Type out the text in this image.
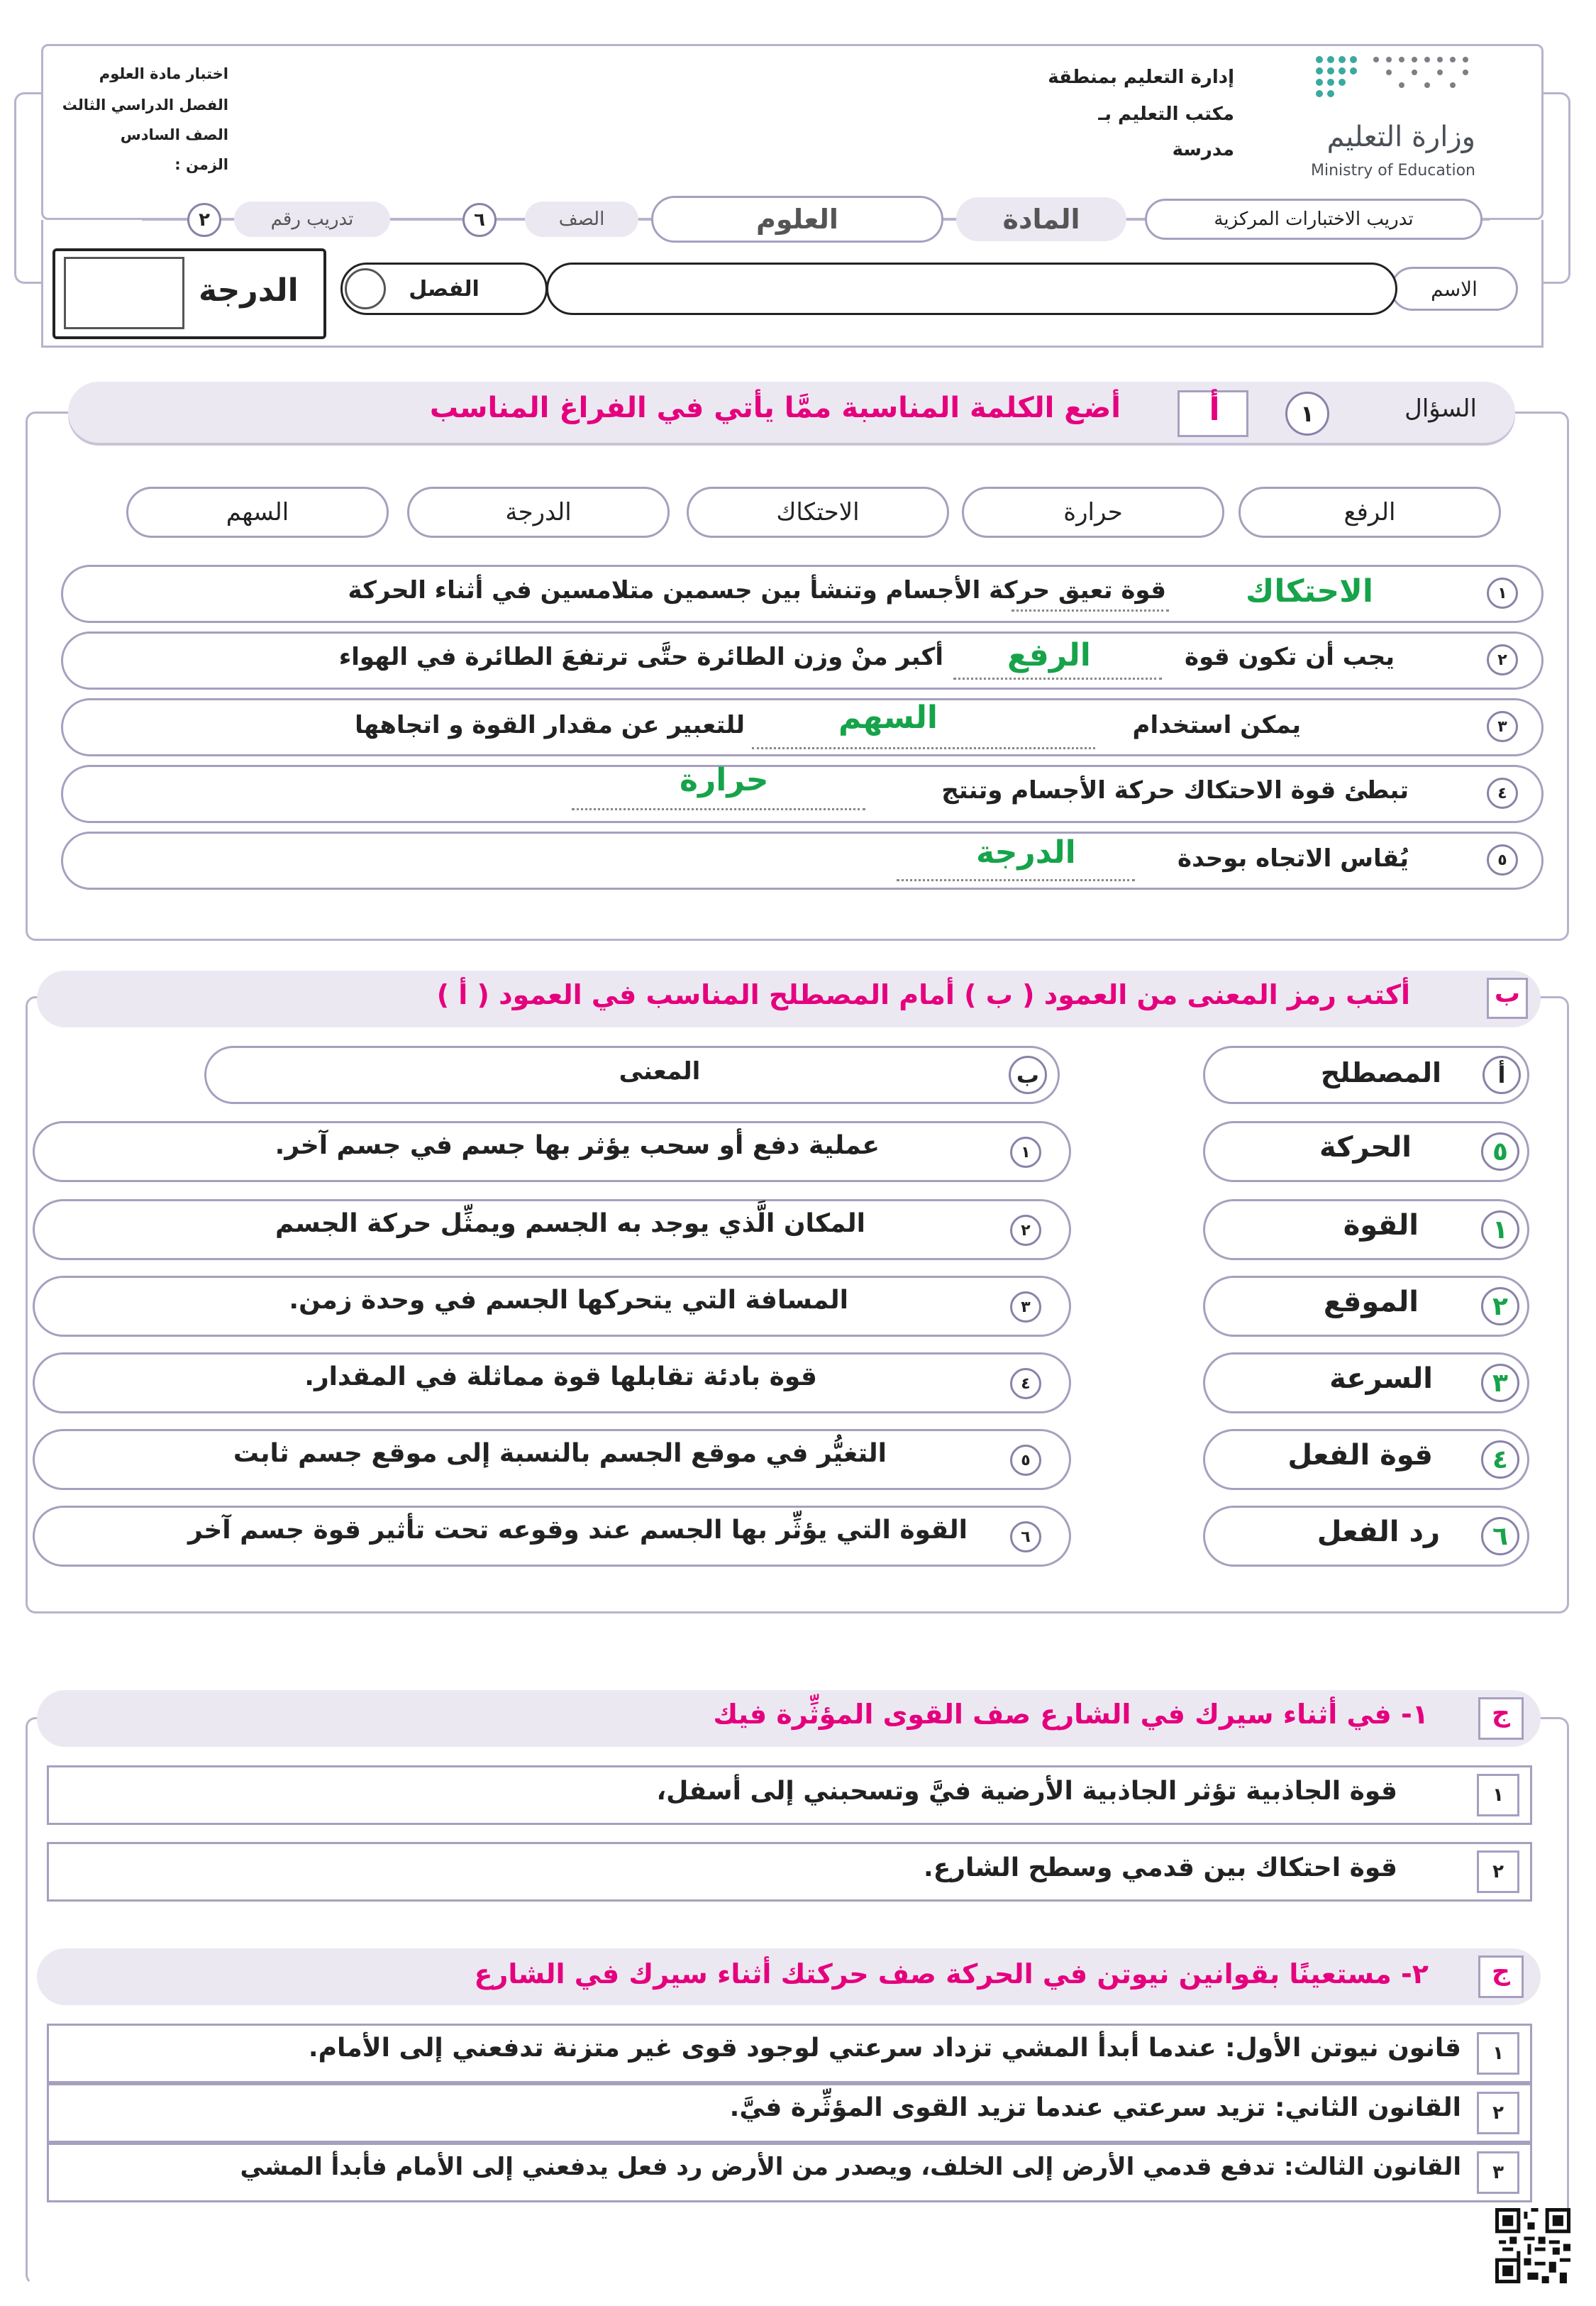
وزارة التعليم
Ministry of Education
إدارة التعليم بمنطقة
مكتب التعليم بـ
مدرسة
اختبار مادة العلوم
الفصل الدراسي الثالث
الصف السادس
الزمن :
تدريب الاختبارات المركزية
المادة
العلوم
الصف
٦
تدريب رقم
٢
الاسم
الفصل
الدرجة
السؤال
١
أ
أضع الكلمة المناسبة ممَّا يأتي في الفراغ المناسب
الرفع
حرارة
الاحتكاك
الدرجة
السهم
١
قوة تعيق حركة الأجسام وتنشأ بين جسمين متلامسين في أثناء الحركة	الاحتكاك
٢
يجب أن تكون قوة
الرفع
أكبر منْ وزن الطائرة حتَّى ترتفعَ الطائرة في الهواء
٣
يمكن استخدام
السهم
للتعبير عن مقدار القوة و اتجاهها
٤
تبطئ قوة الاحتكاك حركة الأجسام وتنتج
حرارة
٥
يُقاس الاتجاه بوحدة
الدرجة
ب
أكتب رمز المعنى من العمود ( ب ) أمام المصطلح المناسب في العمود ( أ )
أ
المصطلح
ب
المعنى
٥
الحركة
١
القوة
٢
الموقع
٣
السرعة
٤
قوة الفعل
٦
رد الفعل
١
عملية دفع أو سحب يؤثر بها جسم في جسم آخر.
٢
المكان الَّذي يوجد به الجسم ويمثِّل حركة الجسم
٣
المسافة التي يتحركها الجسم في وحدة زمن.
٤
قوة بادئة تقابلها قوة مماثلة في المقدار.
٥
التغيُّر في موقع الجسم بالنسبة إلى موقع جسم ثابت
٦
القوة التي يؤثِّر بها الجسم عند وقوعه تحت تأثير قوة جسم آخر
ج
١- في أثناء سيرك في الشارع صف القوى المؤثِّرة فيك
١
قوة الجاذبية تؤثر الجاذبية الأرضية فيَّ وتسحبني إلى أسفل،
٢
قوة احتكاك بين قدمي وسطح الشارع.
ج
٢- مستعينًا بقوانين نيوتن في الحركة صف حركتك أثناء سيرك في الشارع
١
قانون نيوتن الأول: عندما أبدأ المشي تزداد سرعتي لوجود قوى غير متزنة تدفعني إلى الأمام.
٢
القانون الثاني: تزيد سرعتي عندما تزيد القوى المؤثِّرة فيَّ.
٣
القانون الثالث: تدفع قدمي الأرض إلى الخلف، ويصدر من الأرض رد فعل يدفعني إلى الأمام فأبدأ المشي
